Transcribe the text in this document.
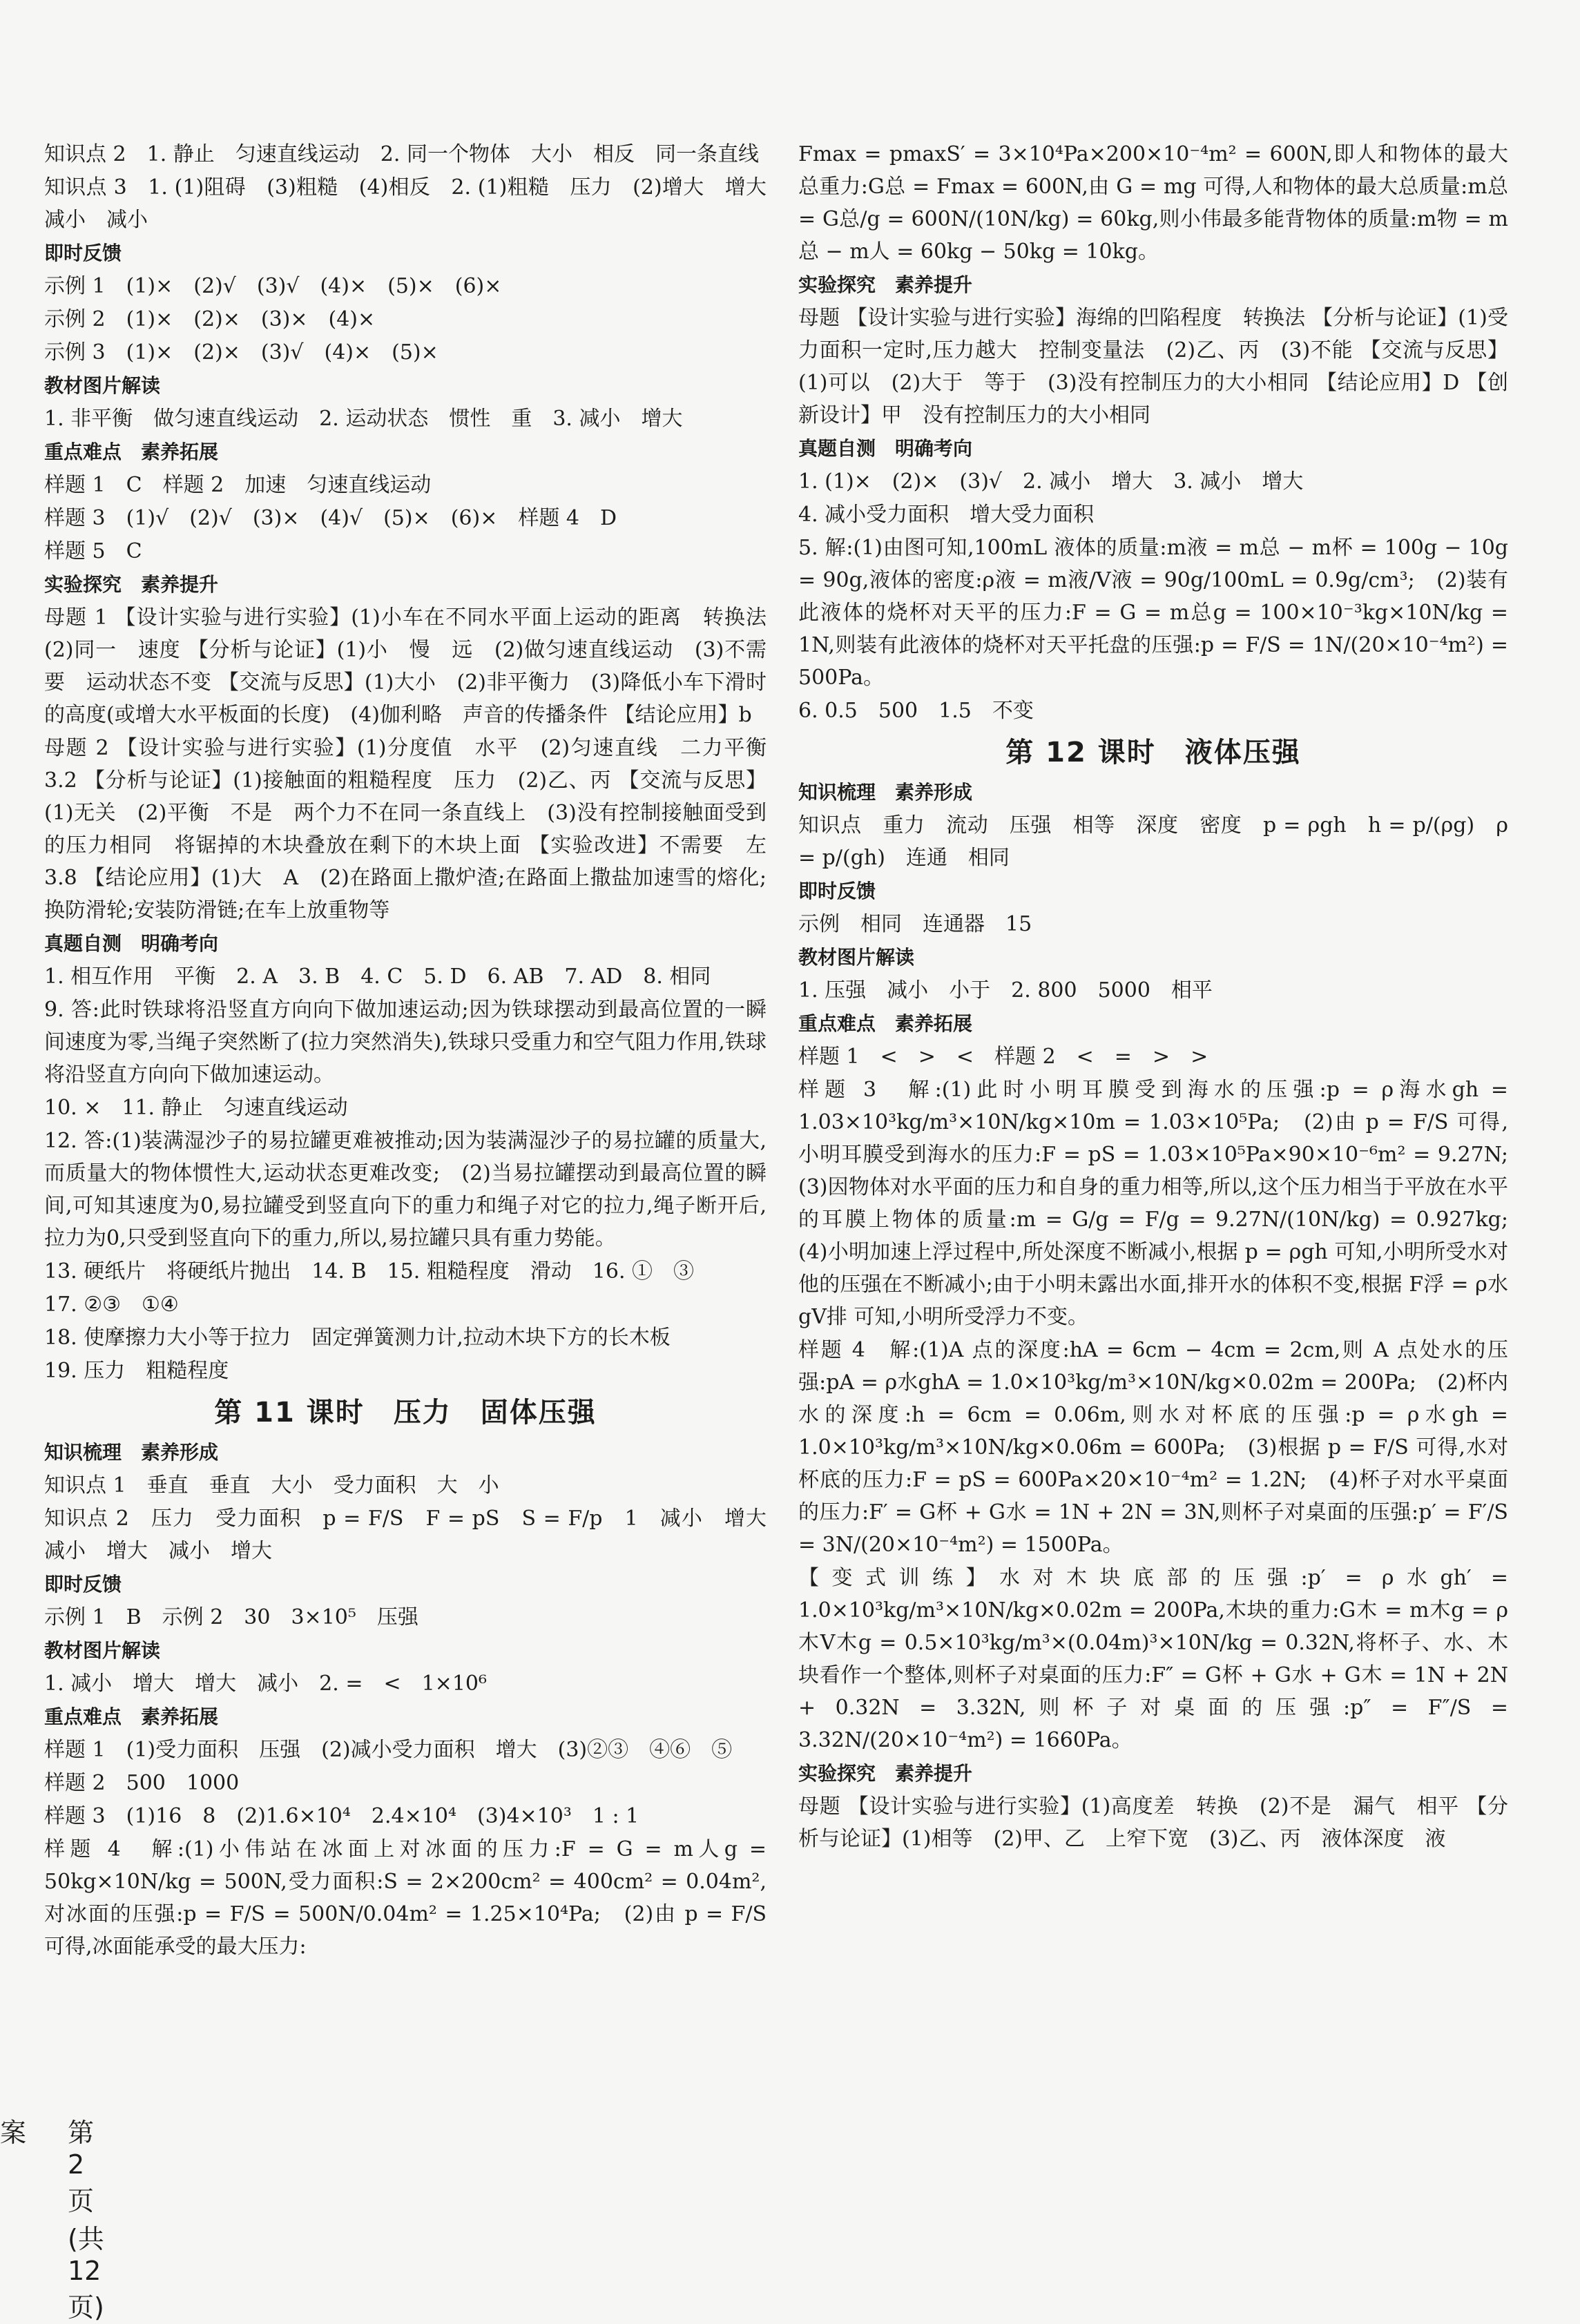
知识点 2　1. 静止　匀速直线运动　2. 同一个物体　大小　相反　同一条直线

知识点 3　1. (1)阻碍　(3)粗糙　(4)相反　2. (1)粗糙　压力　(2)增大　增大　减小　减小

即时反馈

示例 1　(1)×　(2)√　(3)√　(4)×　(5)×　(6)×

示例 2　(1)×　(2)×　(3)×　(4)×

示例 3　(1)×　(2)×　(3)√　(4)×　(5)×

教材图片解读

1. 非平衡　做匀速直线运动　2. 运动状态　惯性　重　3. 减小　增大

重点难点　素养拓展

样题 1　C　样题 2　加速　匀速直线运动

样题 3　(1)√　(2)√　(3)×　(4)√　(5)×　(6)×　样题 4　D

样题 5　C

实验探究　素养提升

母题 1 【设计实验与进行实验】(1)小车在不同水平面上运动的距离　转换法　(2)同一　速度 【分析与论证】(1)小　慢　远　(2)做匀速直线运动　(3)不需要　运动状态不变 【交流与反思】(1)大小　(2)非平衡力　(3)降低小车下滑时的高度(或增大水平板面的长度)　(4)伽利略　声音的传播条件 【结论应用】b

母题 2 【设计实验与进行实验】(1)分度值　水平　(2)匀速直线　二力平衡　3.2 【分析与论证】(1)接触面的粗糙程度　压力　(2)乙、丙 【交流与反思】(1)无关　(2)平衡　不是　两个力不在同一条直线上　(3)没有控制接触面受到的压力相同　将锯掉的木块叠放在剩下的木块上面 【实验改进】不需要　左　3.8 【结论应用】(1)大　A　(2)在路面上撒炉渣;在路面上撒盐加速雪的熔化;换防滑轮;安装防滑链;在车上放重物等

真题自测　明确考向

1. 相互作用　平衡　2. A　3. B　4. C　5. D　6. AB　7. AD　8. 相同

9. 答:此时铁球将沿竖直方向向下做加速运动;因为铁球摆动到最高位置的一瞬间速度为零,当绳子突然断了(拉力突然消失),铁球只受重力和空气阻力作用,铁球将沿竖直方向向下做加速运动。

10. ×　11. 静止　匀速直线运动

12. 答:(1)装满湿沙子的易拉罐更难被推动;因为装满湿沙子的易拉罐的质量大,而质量大的物体惯性大,运动状态更难改变;　(2)当易拉罐摆动到最高位置的瞬间,可知其速度为0,易拉罐受到竖直向下的重力和绳子对它的拉力,绳子断开后,拉力为0,只受到竖直向下的重力,所以,易拉罐只具有重力势能。

13. 硬纸片　将硬纸片抛出　14. B　15. 粗糙程度　滑动　16. ①　③

17. ②③　①④

18. 使摩擦力大小等于拉力　固定弹簧测力计,拉动木块下方的长木板

19. 压力　粗糙程度

第 11 课时　压力　固体压强

知识梳理　素养形成

知识点 1　垂直　垂直　大小　受力面积　大　小

知识点 2　压力　受力面积　p = F/S　F = pS　S = F/p　1　减小　增大　减小　增大　减小　增大

即时反馈

示例 1　B　示例 2　30　3×10⁵　压强

教材图片解读

1. 减小　增大　增大　减小　2. =　<　1×10⁶

重点难点　素养拓展

样题 1　(1)受力面积　压强　(2)减小受力面积　增大　(3)②③　④⑥　⑤

样题 2　500　1000

样题 3　(1)16　8　(2)1.6×10⁴　2.4×10⁴　(3)4×10³　1 : 1

样题 4　解:(1)小伟站在冰面上对冰面的压力:F = G = m人g = 50kg×10N/kg = 500N,受力面积:S = 2×200cm² = 400cm² = 0.04m²,对冰面的压强:p = F/S = 500N/0.04m² = 1.25×10⁴Pa;　(2)由 p = F/S 可得,冰面能承受的最大压力:

Fmax = pmaxS′ = 3×10⁴Pa×200×10⁻⁴m² = 600N,即人和物体的最大总重力:G总 = Fmax = 600N,由 G = mg 可得,人和物体的最大总质量:m总 = G总/g = 600N/(10N/kg) = 60kg,则小伟最多能背物体的质量:m物 = m总 − m人 = 60kg − 50kg = 10kg。

实验探究　素养提升

母题 【设计实验与进行实验】海绵的凹陷程度　转换法 【分析与论证】(1)受力面积一定时,压力越大　控制变量法　(2)乙、丙　(3)不能 【交流与反思】(1)可以　(2)大于　等于　(3)没有控制压力的大小相同 【结论应用】D 【创新设计】甲　没有控制压力的大小相同

真题自测　明确考向

1. (1)×　(2)×　(3)√　2. 减小　增大　3. 减小　增大

4. 减小受力面积　增大受力面积

5. 解:(1)由图可知,100mL 液体的质量:m液 = m总 − m杯 = 100g − 10g = 90g,液体的密度:ρ液 = m液/V液 = 90g/100mL = 0.9g/cm³;　(2)装有此液体的烧杯对天平的压力:F = G = m总g = 100×10⁻³kg×10N/kg = 1N,则装有此液体的烧杯对天平托盘的压强:p = F/S = 1N/(20×10⁻⁴m²) = 500Pa。

6. 0.5　500　1.5　不变

第 12 课时　液体压强

知识梳理　素养形成

知识点　重力　流动　压强　相等　深度　密度　p = ρgh　h = p/(ρg)　ρ = p/(gh)　连通　相同

即时反馈

示例　相同　连通器　15

教材图片解读

1. 压强　减小　小于　2. 800　5000　相平

重点难点　素养拓展

样题 1　<　>　<　样题 2　<　=　>　>

样题 3　解:(1)此时小明耳膜受到海水的压强:p = ρ海水gh = 1.03×10³kg/m³×10N/kg×10m = 1.03×10⁵Pa;　(2)由 p = F/S 可得,小明耳膜受到海水的压力:F = pS = 1.03×10⁵Pa×90×10⁻⁶m² = 9.27N;　(3)因物体对水平面的压力和自身的重力相等,所以,这个压力相当于平放在水平的耳膜上物体的质量:m = G/g = F/g = 9.27N/(10N/kg) = 0.927kg;　(4)小明加速上浮过程中,所处深度不断减小,根据 p = ρgh 可知,小明所受水对他的压强在不断减小;由于小明未露出水面,排开水的体积不变,根据 F浮 = ρ水 gV排 可知,小明所受浮力不变。

样题 4　解:(1)A 点的深度:hA = 6cm − 4cm = 2cm,则 A 点处水的压强:pA = ρ水ghA = 1.0×10³kg/m³×10N/kg×0.02m = 200Pa;　(2)杯内水的深度:h = 6cm = 0.06m,则水对杯底的压强:p = ρ水gh = 1.0×10³kg/m³×10N/kg×0.06m = 600Pa;　(3)根据 p = F/S 可得,水对杯底的压力:F = pS = 600Pa×20×10⁻⁴m² = 1.2N;　(4)杯子对水平桌面的压力:F′ = G杯 + G水 = 1N + 2N = 3N,则杯子对桌面的压强:p′ = F′/S = 3N/(20×10⁻⁴m²) = 1500Pa。

【变式训练】水对木块底部的压强:p′ = ρ水gh′ = 1.0×10³kg/m³×10N/kg×0.02m = 200Pa,木块的重力:G木 = m木g = ρ木V木g = 0.5×10³kg/m³×(0.04m)³×10N/kg = 0.32N,将杯子、水、木块看作一个整体,则杯子对桌面的压力:F″ = G杯 + G水 + G木 = 1N + 2N + 0.32N = 3.32N,则杯子对桌面的压强:p″ = F″/S = 3.32N/(20×10⁻⁴m²) = 1660Pa。

实验探究　素养提升

母题 【设计实验与进行实验】(1)高度差　转换　(2)不是　漏气　相平 【分析与论证】(1)相等　(2)甲、乙　上窄下宽　(3)乙、丙　液体深度　液

案 第 2 页(共 12 页)
